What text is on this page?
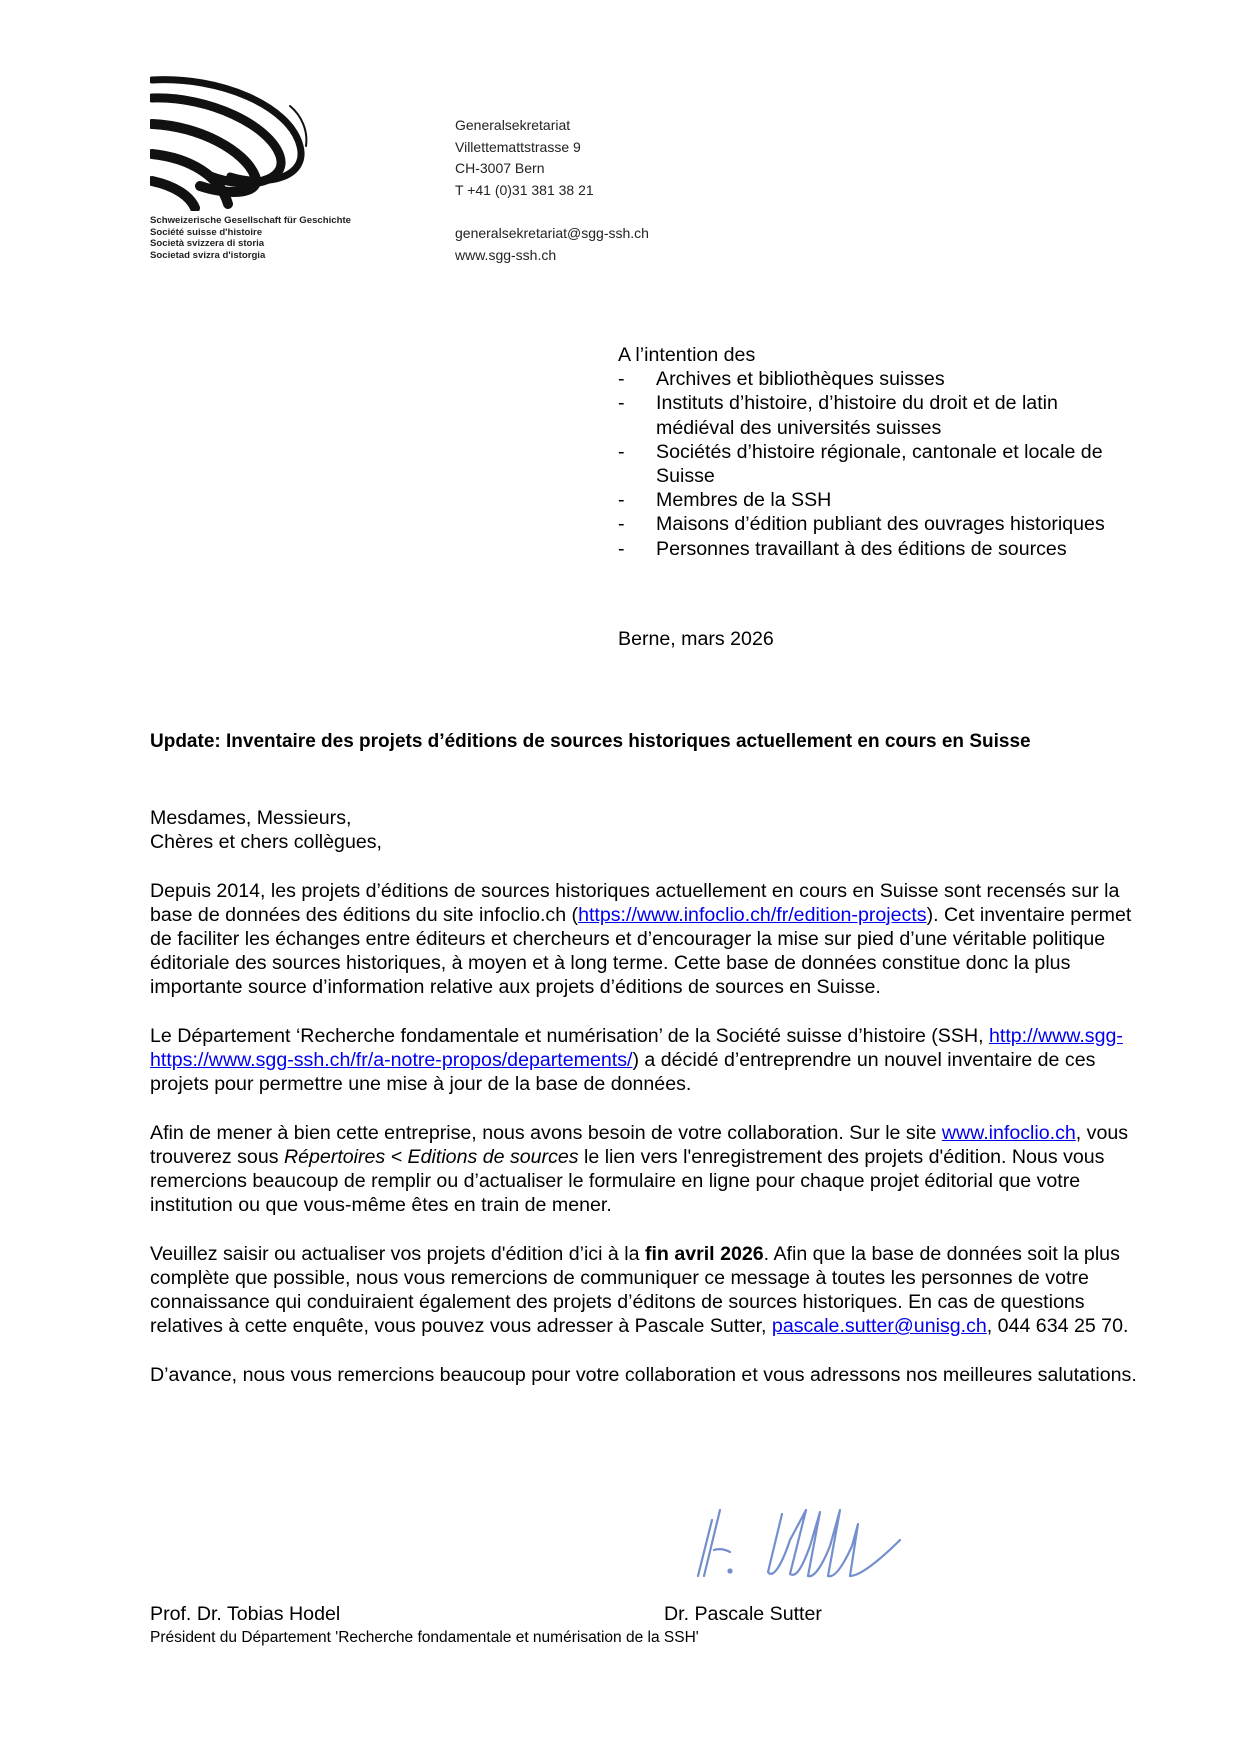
Schweizerische Gesellschaft für Geschichte
Société suisse d'histoire
Società svizzera di storia
Societad svizra d'istorgia
Generalsekretariat
Villettemattstrasse 9
CH-3007 Bern
T +41 (0)31 381 38 21
generalsekretariat@sgg-ssh.ch
www.sgg-ssh.ch
A l’intention des
- Archives et bibliothèques suisses
- Instituts d’histoire, d’histoire du droit et de latin médiéval des universités suisses
- Sociétés d’histoire régionale, cantonale et locale de Suisse
- Membres de la SSH
- Maisons d’édition publiant des ouvrages historiques
- Personnes travaillant à des éditions de sources
Berne, mars 2026
Update: Inventaire des projets d’éditions de sources historiques actuellement en cours en Suisse

Mesdames, Messieurs,
Chères et chers collègues,

Depuis 2014, les projets d’éditions de sources historiques actuellement en cours en Suisse sont recensés sur la base de données des éditions du site infoclio.ch (https://www.infoclio.ch/fr/edition-projects). Cet inventaire permet de faciliter les échanges entre éditeurs et chercheurs et d’encourager la mise sur pied d’une véritable politique éditoriale des sources historiques, à moyen et à long terme. Cette base de données constitue donc la plus importante source d’information relative aux projets d’éditions de sources en Suisse.

Le Département ‘Recherche fondamentale et numérisation’ de la Société suisse d’histoire (SSH, http://www.sgg- https://www.sgg-ssh.ch/fr/a-notre-propos/departements/) a décidé d’entreprendre un nouvel inventaire de ces projets pour permettre une mise à jour de la base de données.

Afin de mener à bien cette entreprise, nous avons besoin de votre collaboration. Sur le site www.infoclio.ch, vous trouverez sous Répertoires < Editions de sources le lien vers l'enregistrement des projets d'édition. Nous vous remercions beaucoup de remplir ou d’actualiser le formulaire en ligne pour chaque projet éditorial que votre institution ou que vous-même êtes en train de mener.

Veuillez saisir ou actualiser vos projets d'édition d’ici à la fin avril 2026. Afin que la base de données soit la plus complète que possible, nous vous remercions de communiquer ce message à toutes les personnes de votre connaissance qui conduiraient également des projets d’éditons de sources historiques. En cas de questions relatives à cette enquête, vous pouvez vous adresser à Pascale Sutter, pascale.sutter@unisg.ch, 044 634 25 70.

D’avance, nous vous remercions beaucoup pour votre collaboration et vous adressons nos meilleures salutations.

Prof. Dr. Tobias Hodel	Dr. Pascale Sutter
Président du Département 'Recherche fondamentale et numérisation de la SSH'
